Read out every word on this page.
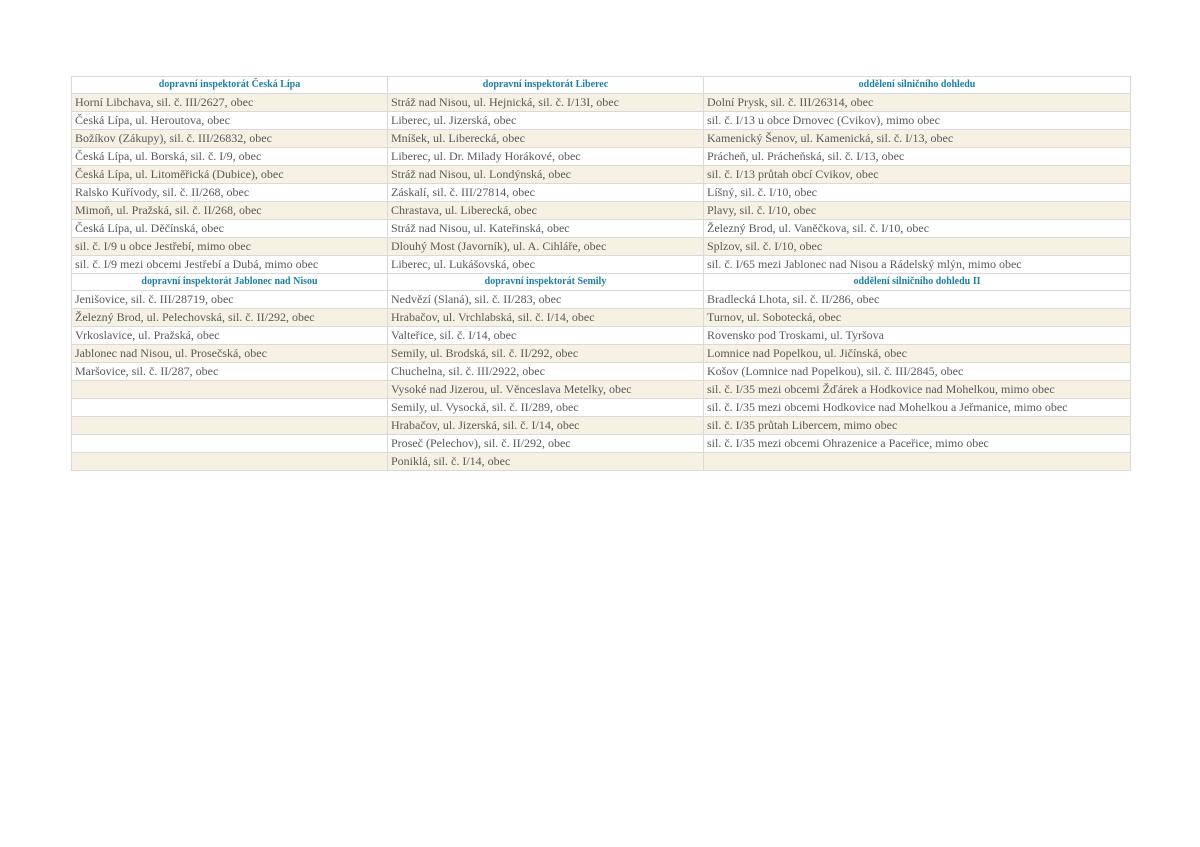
dopravní inspektorát Česká Lípa	dopravní inspektorát Liberec	oddělení silničního dohledu
Horní Libchava, sil. č. III/2627, obec	Stráž nad Nisou, ul. Hejnická, sil. č. I/13I, obec	Dolní Prysk, sil. č. III/26314, obec
Česká Lípa, ul. Heroutova, obec	Liberec, ul. Jizerská, obec	sil. č. I/13 u obce Drnovec (Cvikov), mimo obec
Božíkov (Zákupy), sil. č. III/26832, obec	Mníšek, ul. Liberecká, obec	Kamenický Šenov, ul. Kamenická, sil. č. I/13, obec
Česká Lípa, ul. Borská, sil. č. I/9, obec	Liberec, ul. Dr. Milady Horákové, obec	Prácheň, ul. Prácheňská, sil. č. I/13, obec
Česká Lípa, ul. Litoměřická (Dubice), obec	Stráž nad Nisou, ul. Londýnská, obec	sil. č. I/13 průtah obcí Cvikov, obec
Ralsko Kuřívody, sil. č. II/268, obec	Záskalí, sil. č. III/27814, obec	Líšný, sil. č. I/10, obec
Mimoň, ul. Pražská, sil. č. II/268, obec	Chrastava, ul. Liberecká, obec	Plavy, sil. č. I/10, obec
Česká Lípa, ul. Děčínská, obec	Stráž nad Nisou, ul. Kateřinská, obec	Železný Brod, ul. Vaněčkova, sil. č. I/10, obec
sil. č. I/9 u obce Jestřebí, mimo obec	Dlouhý Most (Javorník), ul. A. Cihláře, obec	Splzov, sil. č. I/10, obec
sil. č. I/9 mezi obcemi Jestřebí a Dubá, mimo obec	Liberec, ul. Lukášovská, obec	sil. č. I/65 mezi Jablonec nad Nisou a Rádelský mlýn, mimo obec
dopravní inspektorát Jablonec nad Nisou	dopravní inspektorát Semily	oddělení silničního dohledu II
Jenišovice, sil. č. III/28719, obec	Nedvězí (Slaná), sil. č. II/283, obec	Bradlecká Lhota, sil. č. II/286, obec
Železný Brod, ul. Pelechovská, sil. č. II/292, obec	Hrabačov, ul. Vrchlabská, sil. č. I/14, obec	Turnov, ul. Sobotecká, obec
Vrkoslavice, ul. Pražská, obec	Valteřice, sil. č. I/14, obec	Rovensko pod Troskami, ul. Tyršova
Jablonec nad Nisou, ul. Prosečská, obec	Semily, ul. Brodská, sil. č. II/292, obec	Lomnice nad Popelkou, ul. Jičínská, obec
Maršovice, sil. č. II/287, obec	Chuchelna, sil. č. III/2922, obec	Košov (Lomnice nad Popelkou), sil. č. III/2845, obec
	Vysoké nad Jizerou, ul. Věnceslava Metelky, obec	sil. č. I/35 mezi obcemi Žďárek a Hodkovice nad Mohelkou, mimo obec
	Semily, ul. Vysocká, sil. č. II/289, obec	sil. č. I/35 mezi obcemi Hodkovice nad Mohelkou a Jeřmanice, mimo obec
	Hrabačov, ul. Jizerská, sil. č. I/14, obec	sil. č. I/35 průtah Libercem, mimo obec
	Proseč (Pelechov), sil. č. II/292, obec	sil. č. I/35 mezi obcemi Ohrazenice a Paceřice, mimo obec
	Poniklá, sil. č. I/14, obec	
